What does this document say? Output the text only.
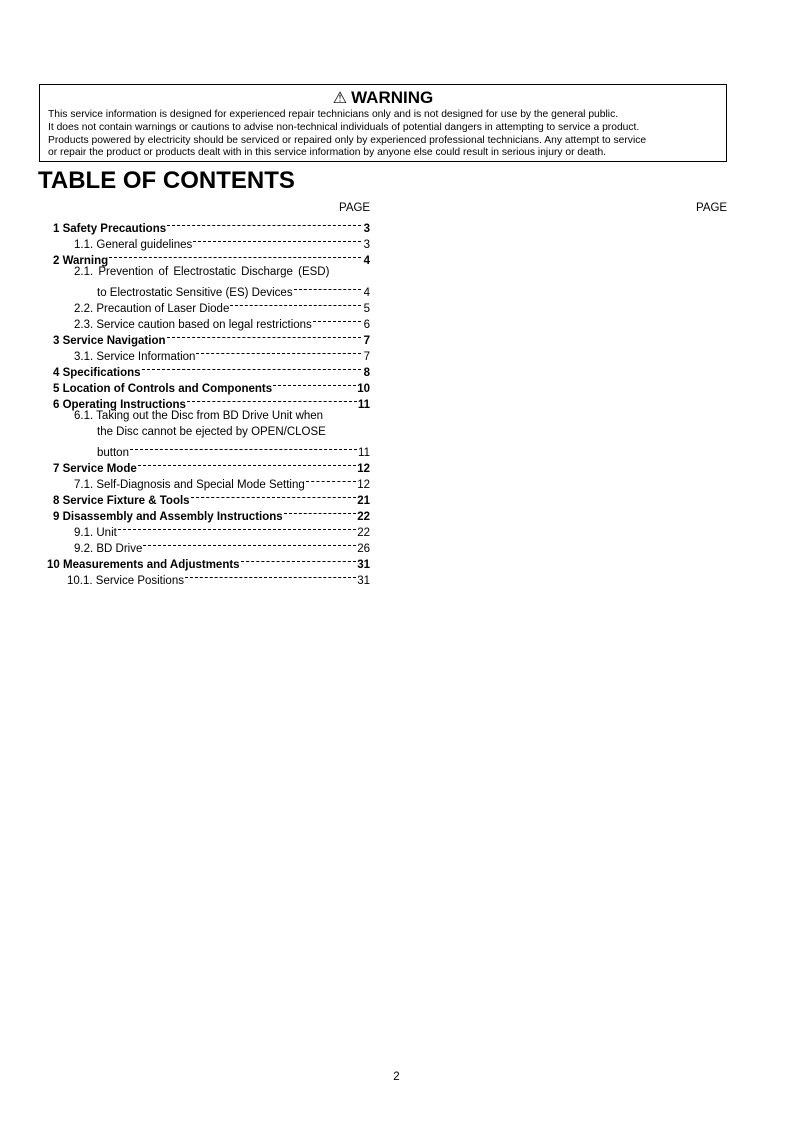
⚠ WARNING
This service information is designed for experienced repair technicians only and is not designed for use by the general public.
It does not contain warnings or cautions to advise non-technical individuals of potential dangers in attempting to service a product.
Products powered by electricity should be serviced or repaired only by experienced professional technicians. Any attempt to service
or repair the product or products dealt with in this service information by anyone else could result in serious injury or death.
TABLE OF CONTENTS
PAGE	PAGE
1 Safety Precautions	3
1.1. General guidelines	3
2 Warning	4
2.1. Prevention of Electrostatic Discharge (ESD)
to Electrostatic Sensitive (ES) Devices	4
2.2. Precaution of Laser Diode	5
2.3. Service caution based on legal restrictions	6
3 Service Navigation	7
3.1. Service Information	7
4 Specifications	8
5 Location of Controls and Components	10
6 Operating Instructions	11
6.1. Taking out the Disc from BD Drive Unit when
the Disc cannot be ejected by OPEN/CLOSE
button	11
7 Service Mode	12
7.1. Self-Diagnosis and Special Mode Setting	12
8 Service Fixture & Tools	21
9 Disassembly and Assembly Instructions	22
9.1. Unit	22
9.2. BD Drive	26
10 Measurements and Adjustments	31
10.1. Service Positions	31
2
